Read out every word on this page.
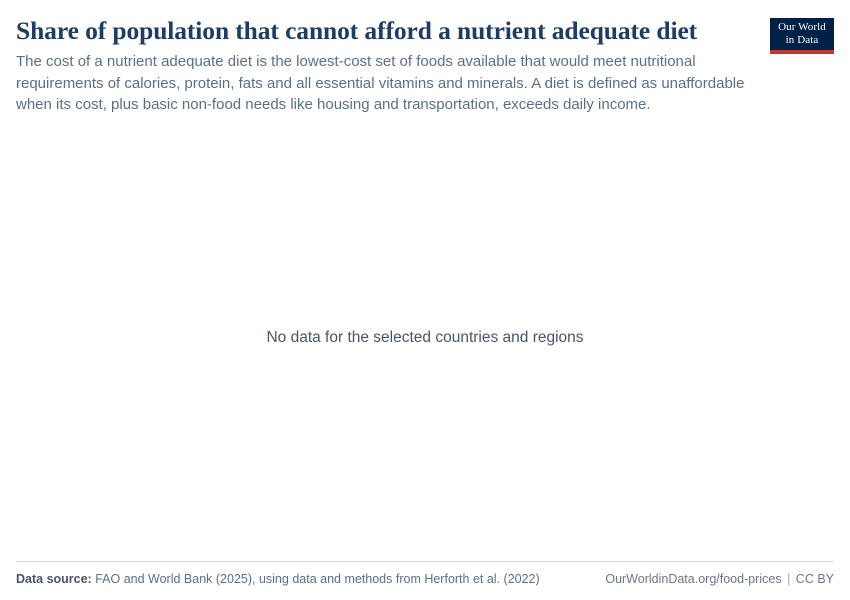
Share of population that cannot afford a nutrient adequate diet

The cost of a nutrient adequate diet is the lowest-cost set of foods available that would meet nutritional requirements of calories, protein, fats and all essential vitamins and minerals. A diet is defined as unaffordable when its cost, plus basic non-food needs like housing and transportation, exceeds daily income.

Our World
in Data
No data for the selected countries and regions
Data source: FAO and World Bank (2025), using data and methods from Herforth et al. (2022)	OurWorldinData.org/food-prices | CC BY
